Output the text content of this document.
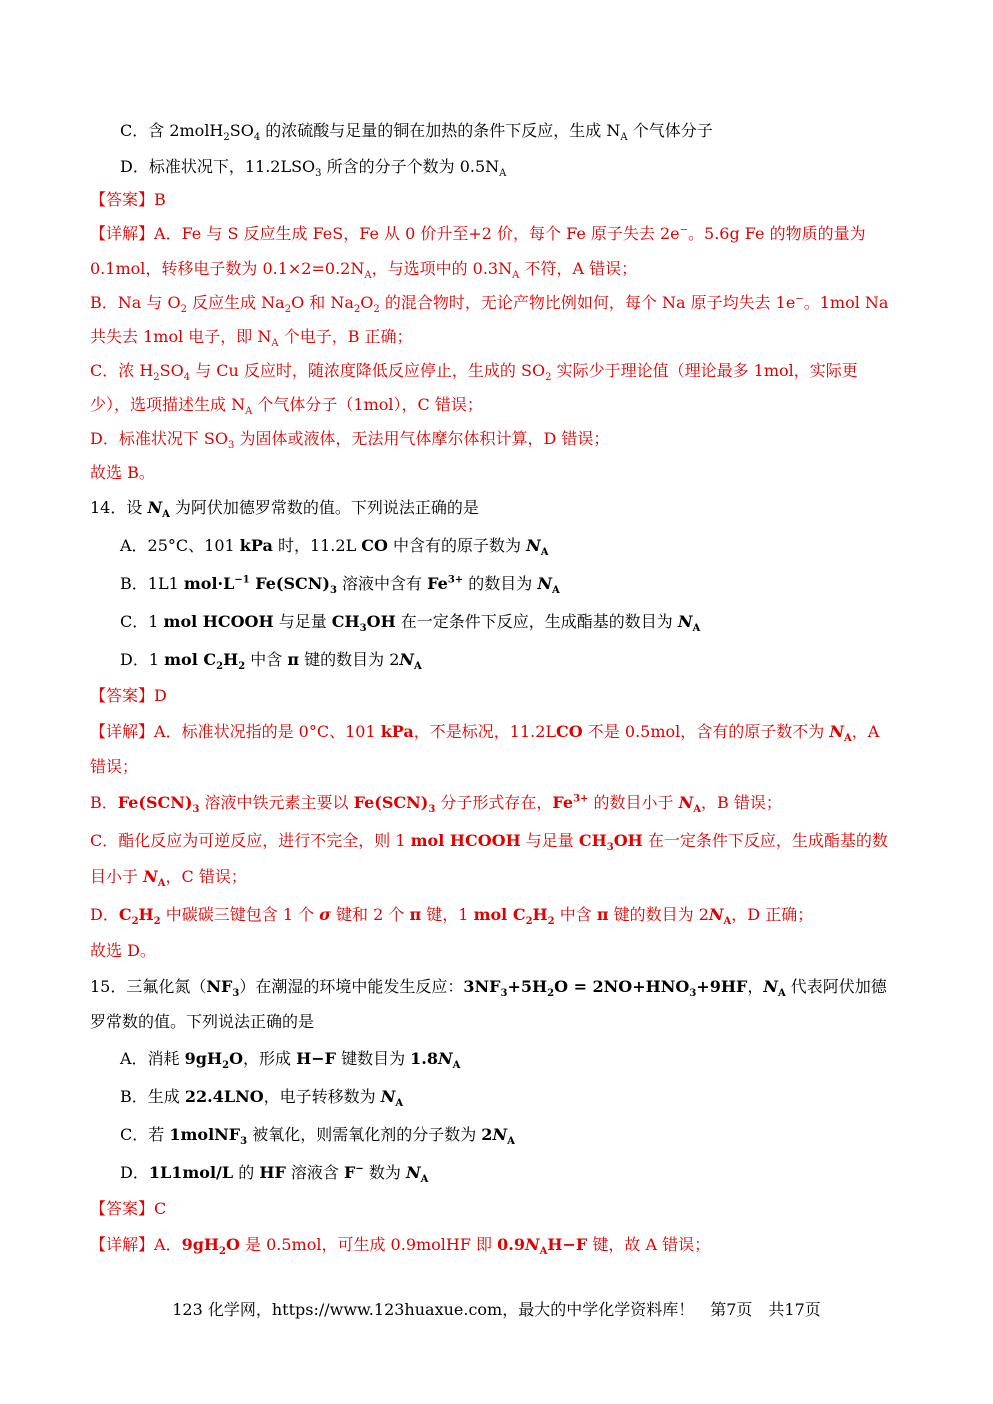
C．含 $2molH_2SO_4$ 的浓硫酸与足量的铜在加热的条件下反应，生成 $N_A$ 个气体分子
D．标准状况下，$11.2LSO_3$ 所含的分子个数为 $0.5N_A$
【答案】B
【详解】A．Fe 与 S 反应生成 FeS，Fe 从 0 价升至+2 价，每个 Fe 原子失去 2e−。5.6g Fe 的物质的量为
0.1mol，转移电子数为 $0.1\times 2=0.2N_A$，与选项中的 $0.3N_A$ 不符，A 错误；
B．Na 与 $O_2$ 反应生成 $Na_2O$ 和 $Na_2O_2$ 的混合物时，无论产物比例如何，每个 Na 原子均失去 1e−。1mol Na
共失去 1mol 电子，即 $N_A$ 个电子，B 正确；
C．浓 $H_2SO_4$ 与 Cu 反应时，随浓度降低反应停止，生成的 $SO_2$ 实际少于理论值（理论最多 1mol，实际更
少），选项描述生成 $N_A$ 个气体分子（1mol），C 错误；
D．标准状况下 $SO_3$ 为固体或液体，无法用气体摩尔体积计算，D 错误；
故选 B。
14．设 $N_A$ 为阿伏加德罗常数的值。下列说法正确的是
A．25°C、101 kPa 时，11.2L CO 中含有的原子数为 $N_A$
B．1L1 $mol\cdot L^{-1}$ $Fe(SCN)_3$ 溶液中含有 $Fe^{3+}$ 的数目为 $N_A$
C．1 mol HCOOH 与足量 $CH_3OH$ 在一定条件下反应，生成酯基的数目为 $N_A$
D．1 mol $C_2H_2$ 中含 π 键的数目为 $2N_A$
【答案】D
【详解】A．标准状况指的是 0°C、101 kPa，不是标况，11.2LCO 不是 0.5mol，含有的原子数不为 $N_A$，A
错误；
B．$Fe(SCN)_3$ 溶液中铁元素主要以 $Fe(SCN)_3$ 分子形式存在，$Fe^{3+}$ 的数目小于 $N_A$，B 错误；
C．酯化反应为可逆反应，进行不完全，则 1 mol HCOOH 与足量 $CH_3OH$ 在一定条件下反应，生成酯基的数
目小于 $N_A$，C 错误；
D．$C_2H_2$ 中碳碳三键包含 1 个 σ 键和 2 个 π 键，1 mol $C_2H_2$ 中含 π 键的数目为 $2N_A$，D 正确；
故选 D。
15．三氟化氮$(NF_3)$在潮湿的环境中能发生反应：$3NF_3+5H_2O = 2NO+HNO_3+9HF$，$N_A$ 代表阿伏加德
罗常数的值。下列说法正确的是
A．消耗 $9gH_2O$，形成 H−F 键数目为 $1.8N_A$
B．生成 22.4LNO，电子转移数为 $N_A$
C．若 1molNF$_3$ 被氧化，则需氧化剂的分子数为 $2N_A$
D．1L1mol/L 的 HF 溶液含 F− 数为 $N_A$
【答案】C
【详解】A．$9gH_2O$ 是 0.5mol，可生成 0.9molHF 即 $0.9N_AH-F$ 键，故 A 错误；
123 化学网，https://www.123huaxue.com，最大的中学化学资料库！　第7页　共17页
